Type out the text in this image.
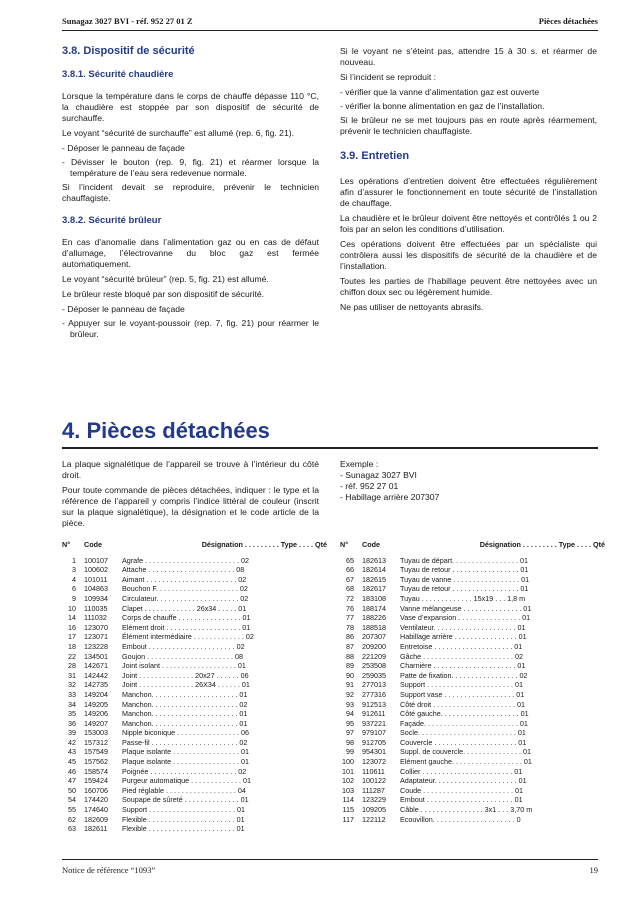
Sunagaz 3027 BVI - réf. 952 27 01 Z	Pièces détachées
3.8. Dispositif de sécurité
3.8.1. Sécurité chaudière

Lorsque la température dans le corps de chauffe dépasse 110 °C, la chaudière est stoppée par son dispositif de sécurité de surchauffe.

Le voyant “sécurité de surchauffe” est allumé (rep. 6, fig. 21).

- Déposer le panneau de façade

- Dévisser le bouton (rep. 9, fig. 21) et réarmer lorsque la température de l’eau sera redevenue normale.

Si l’incident devait se reproduire, prévenir le technicien chauffagiste.

3.8.2. Sécurité brûleur

En cas d’anomalie dans l’alimentation gaz ou en cas de défaut d’allumage, l’électrovanne du bloc gaz est fermée automatiquement.

Le voyant “sécurité brûleur” (rep. 5, fig. 21) est allumé.

Le brûleur reste bloqué par son dispositif de sécurité.

- Déposer le panneau de façade

- Appuyer sur le voyant-poussoir (rep. 7, fig. 21) pour réarmer le brûleur.

Si le voyant ne s’éteint pas, attendre 15 à 30 s. et réarmer de nouveau.

Si l’incident se reproduit :

- vérifier que la vanne d’alimentation gaz est ouverte

- vérifier la bonne alimentation en gaz de l’installation.

Si le brûleur ne se met toujours pas en route après réarmement, prévenir le technicien chauffagiste.

3.9. Entretien

Les opérations d’entretien doivent être effectuées régulièrement afin d’assurer le fonctionnement en toute sécurité de l’installation de chauffage.

La chaudière et le brûleur doivent être nettoyés et contrôlés 1 ou 2 fois par an selon les conditions d’utilisation.

Ces opérations doivent être effectuées par un spécialiste qui contrôlera aussi les dispositifs de sécurité de la chaudière et de l’installation.

Toutes les parties de l’habillage peuvent être nettoyées avec un chiffon doux sec ou légèrement humide.

Ne pas utiliser de nettoyants abrasifs.

4. Pièces détachées

La plaque signalétique de l’appareil se trouve à l’intérieur du côté droit.

Pour toute commande de pièces détachées, indiquer : le type et la référence de l’appareil y compris l’indice littéral de couleur (inscrit sur la plaque signalétique), la désignation et le code article de la pièce.

Exemple :

- Sunagaz 3027 BVI

- réf. 952 27 01

- Habillage arrière 207307

N°	Code	Désignation . . . . . . . . . Type . . . . Qté
1	100107	Agrafe . . . . . . . . . . . . . . . . . . . . . . . . 02
3	100602	Attache . . . . . . . . . . . . . . . . . . . . . . 08
4	101011	Aimant . . . . . . . . . . . . . . . . . . . . . . . 02
6	104863	Bouchon F. . . . . . . . . . . . . . . . . . . . . 02
9	109934	Circulateur. . . . . . . . . . . . . . . . . . . . . 02
10	110035	Clapet . . . . . . . . . . . . . 26x34 . . . . . 01
14	111032	Corps de chauffe . . . . . . . . . . . . . . . . 01
16	123070	Elément droit . . . . . . . . . . . . . . . . . . . 01
17	123071	Élément intermédiaire . . . . . . . . . . . . . 02
18	123228	Embout . . . . . . . . . . . . . . . . . . . . . . 02
22	134501	Goujon . . . . . . . . . . . . . . . . . . . . . . 08
28	142671	Joint isolant . . . . . . . . . . . . . . . . . . . 01
31	142442	Joint . . . . . . . . . . . . . . 20x27 . . . . . . 06
32	142735	Joint . . . . . . . . . . . . . . 26X34 . . . . . . 01
33	149204	Manchon. . . . . . . . . . . . . . . . . . . . . . 01
34	149205	Manchon. . . . . . . . . . . . . . . . . . . . . . 02
35	149206	Manchon. . . . . . . . . . . . . . . . . . . . . . 01
36	149207	Manchon. . . . . . . . . . . . . . . . . . . . . . 01
39	153003	Nipple biconique . . . . . . . . . . . . . . . . 06
42	157312	Passe-fil . . . . . . . . . . . . . . . . . . . . . . 02
43	157549	Plaque isolante . . . . . . . . . . . . . . . . . 01
45	157562	Plaque isolante . . . . . . . . . . . . . . . . . 01
46	158574	Poignée . . . . . . . . . . . . . . . . . . . . . . 02
47	159424	Purgeur automatique . . . . . . . . . . . . . 01
50	160706	Pied réglable . . . . . . . . . . . . . . . . . . 04
54	174420	Soupape de sûreté . . . . . . . . . . . . . . 01
55	174640	Support . . . . . . . . . . . . . . . . . . . . . . 01
62	182609	Flexible . . . . . . . . . . . . . . . . . . . . . . 01
63	182611	Flexible . . . . . . . . . . . . . . . . . . . . . . 01
N°	Code	Désignation . . . . . . . . . Type . . . . Qté
65	182613	Tuyau de départ. . . . . . . . . . . . . . . . . 01
66	182614	Tuyau de retour . . . . . . . . . . . . . . . . . 01
67	182615	Tuyau de vanne . . . . . . . . . . . . . . . . . 01
68	182617	Tuyau de retour . . . . . . . . . . . . . . . . . 01
72	183108	Tuyau . . . . . . . . . . . . . 15x19 . . . 1,8 m
76	188174	Vanne mélangeuse . . . . . . . . . . . . . . . 01
77	188226	Vase d’expansion . . . . . . . . . . . . . . . . 01
78	188518	Ventilateur. . . . . . . . . . . . . . . . . . . . . 01
86	207307	Habillage arrière . . . . . . . . . . . . . . . . 01
87	209200	Entretoise . . . . . . . . . . . . . . . . . . . . 01
88	221209	Gâche . . . . . . . . . . . . . . . . . . . . . . . 02
89	253508	Charnière . . . . . . . . . . . . . . . . . . . . . 01
90	259035	Patte de fixation. . . . . . . . . . . . . . . . . 02
91	277013	Support . . . . . . . . . . . . . . . . . . . . . . 01
92	277316	Support vase . . . . . . . . . . . . . . . . . . 01
93	912513	Côté droit . . . . . . . . . . . . . . . . . . . . . 01
94	912611	Côté gauche. . . . . . . . . . . . . . . . . . . . 01
95	937221	Façade. . . . . . . . . . . . . . . . . . . . . . . . 01
97	979107	Socle. . . . . . . . . . . . . . . . . . . . . . . . . 01
98	912705	Couvercle . . . . . . . . . . . . . . . . . . . . . 01
99	954301	Suppl. de couvercle. . . . . . . . . . . . . . . 01
100	123072	Elément gauche. . . . . . . . . . . . . . . . . . 01
101	110611	Collier . . . . . . . . . . . . . . . . . . . . . . . 01
102	100122	Adaptateur. . . . . . . . . . . . . . . . . . . . . 01
103	111287	Coude . . . . . . . . . . . . . . . . . . . . . . . 01
114	123229	Embout . . . . . . . . . . . . . . . . . . . . . . 01
115	109205	Câble . . . . . . . . . . . . . . . . 3x1 . . . 3,70 m
117	122112	Ecouvillon. . . . . . . . . . . . . . . . . . . . . 0
Notice de référence “1093”	19
